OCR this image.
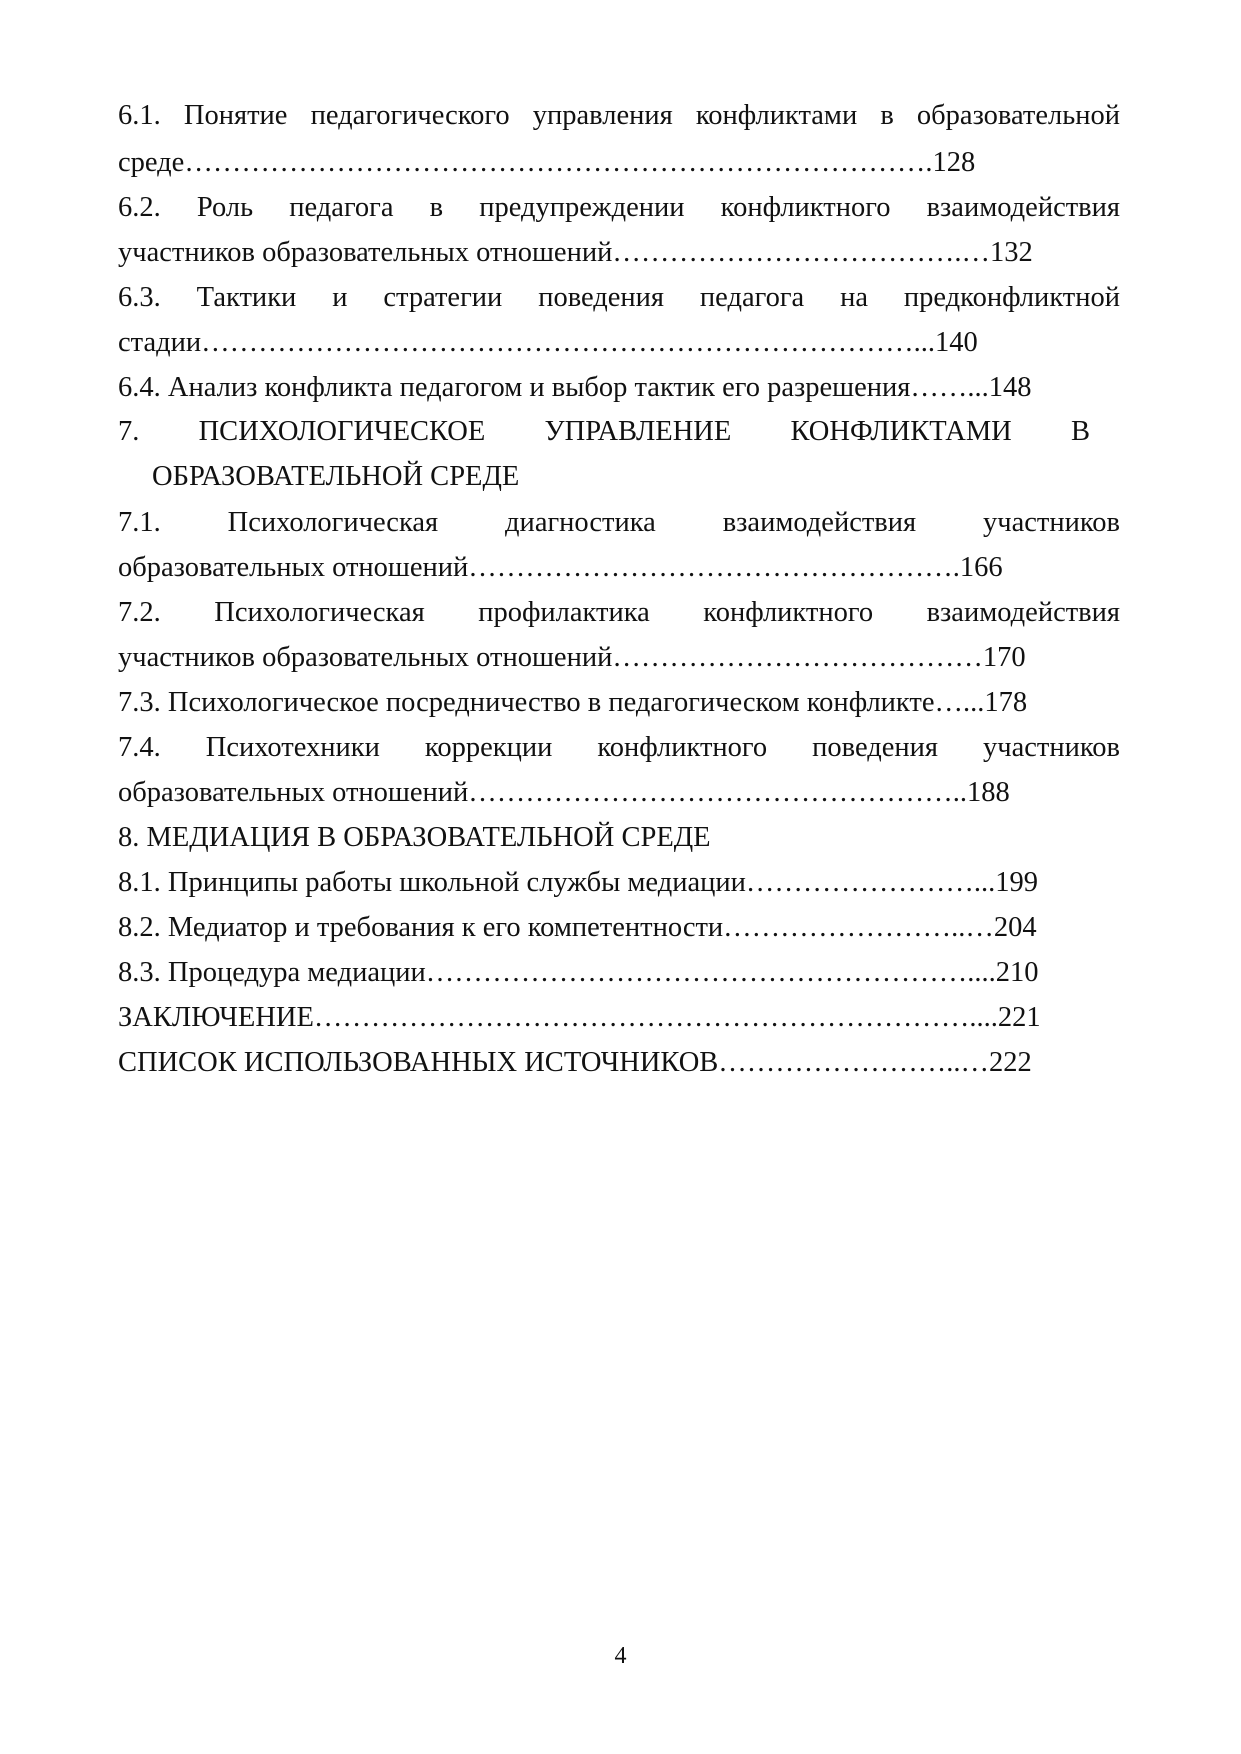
6.1. Понятие педагогического управления конфликтами в образовательной
среде…………………………………………………………………….128
6.2. Роль педагога в предупреждении конфликтного взаимодействия
участников образовательных отношений……………………………….…132
6.3. Тактики и стратегии поведения педагога на предконфликтной
стадии…………………………………………………………………...140
6.4. Анализ конфликта педагогом и выбор тактик его разрешения……...148
7. ПСИХОЛОГИЧЕСКОЕ УПРАВЛЕНИЕ КОНФЛИКТАМИ В
ОБРАЗОВАТЕЛЬНОЙ СРЕДЕ
7.1. Психологическая диагностика взаимодействия участников
образовательных отношений…………………………………………….166
7.2. Психологическая профилактика конфликтного взаимодействия
участников образовательных отношений…………………………………170
7.3. Психологическое посредничество в педагогическом конфликте…...178
7.4. Психотехники коррекции конфликтного поведения участников
образовательных отношений……………………………………………..188
8. МЕДИАЦИЯ В ОБРАЗОВАТЕЛЬНОЙ СРЕДЕ
8.1. Принципы работы школьной службы медиации……………………...199
8.2. Медиатор и требования к его компетентности……………………..…204
8.3. Процедура медиации…………………………………………………....210
ЗАКЛЮЧЕНИЕ……………………………………………………………....221
СПИСОК ИСПОЛЬЗОВАННЫХ ИСТОЧНИКОВ……………………..…222
4
